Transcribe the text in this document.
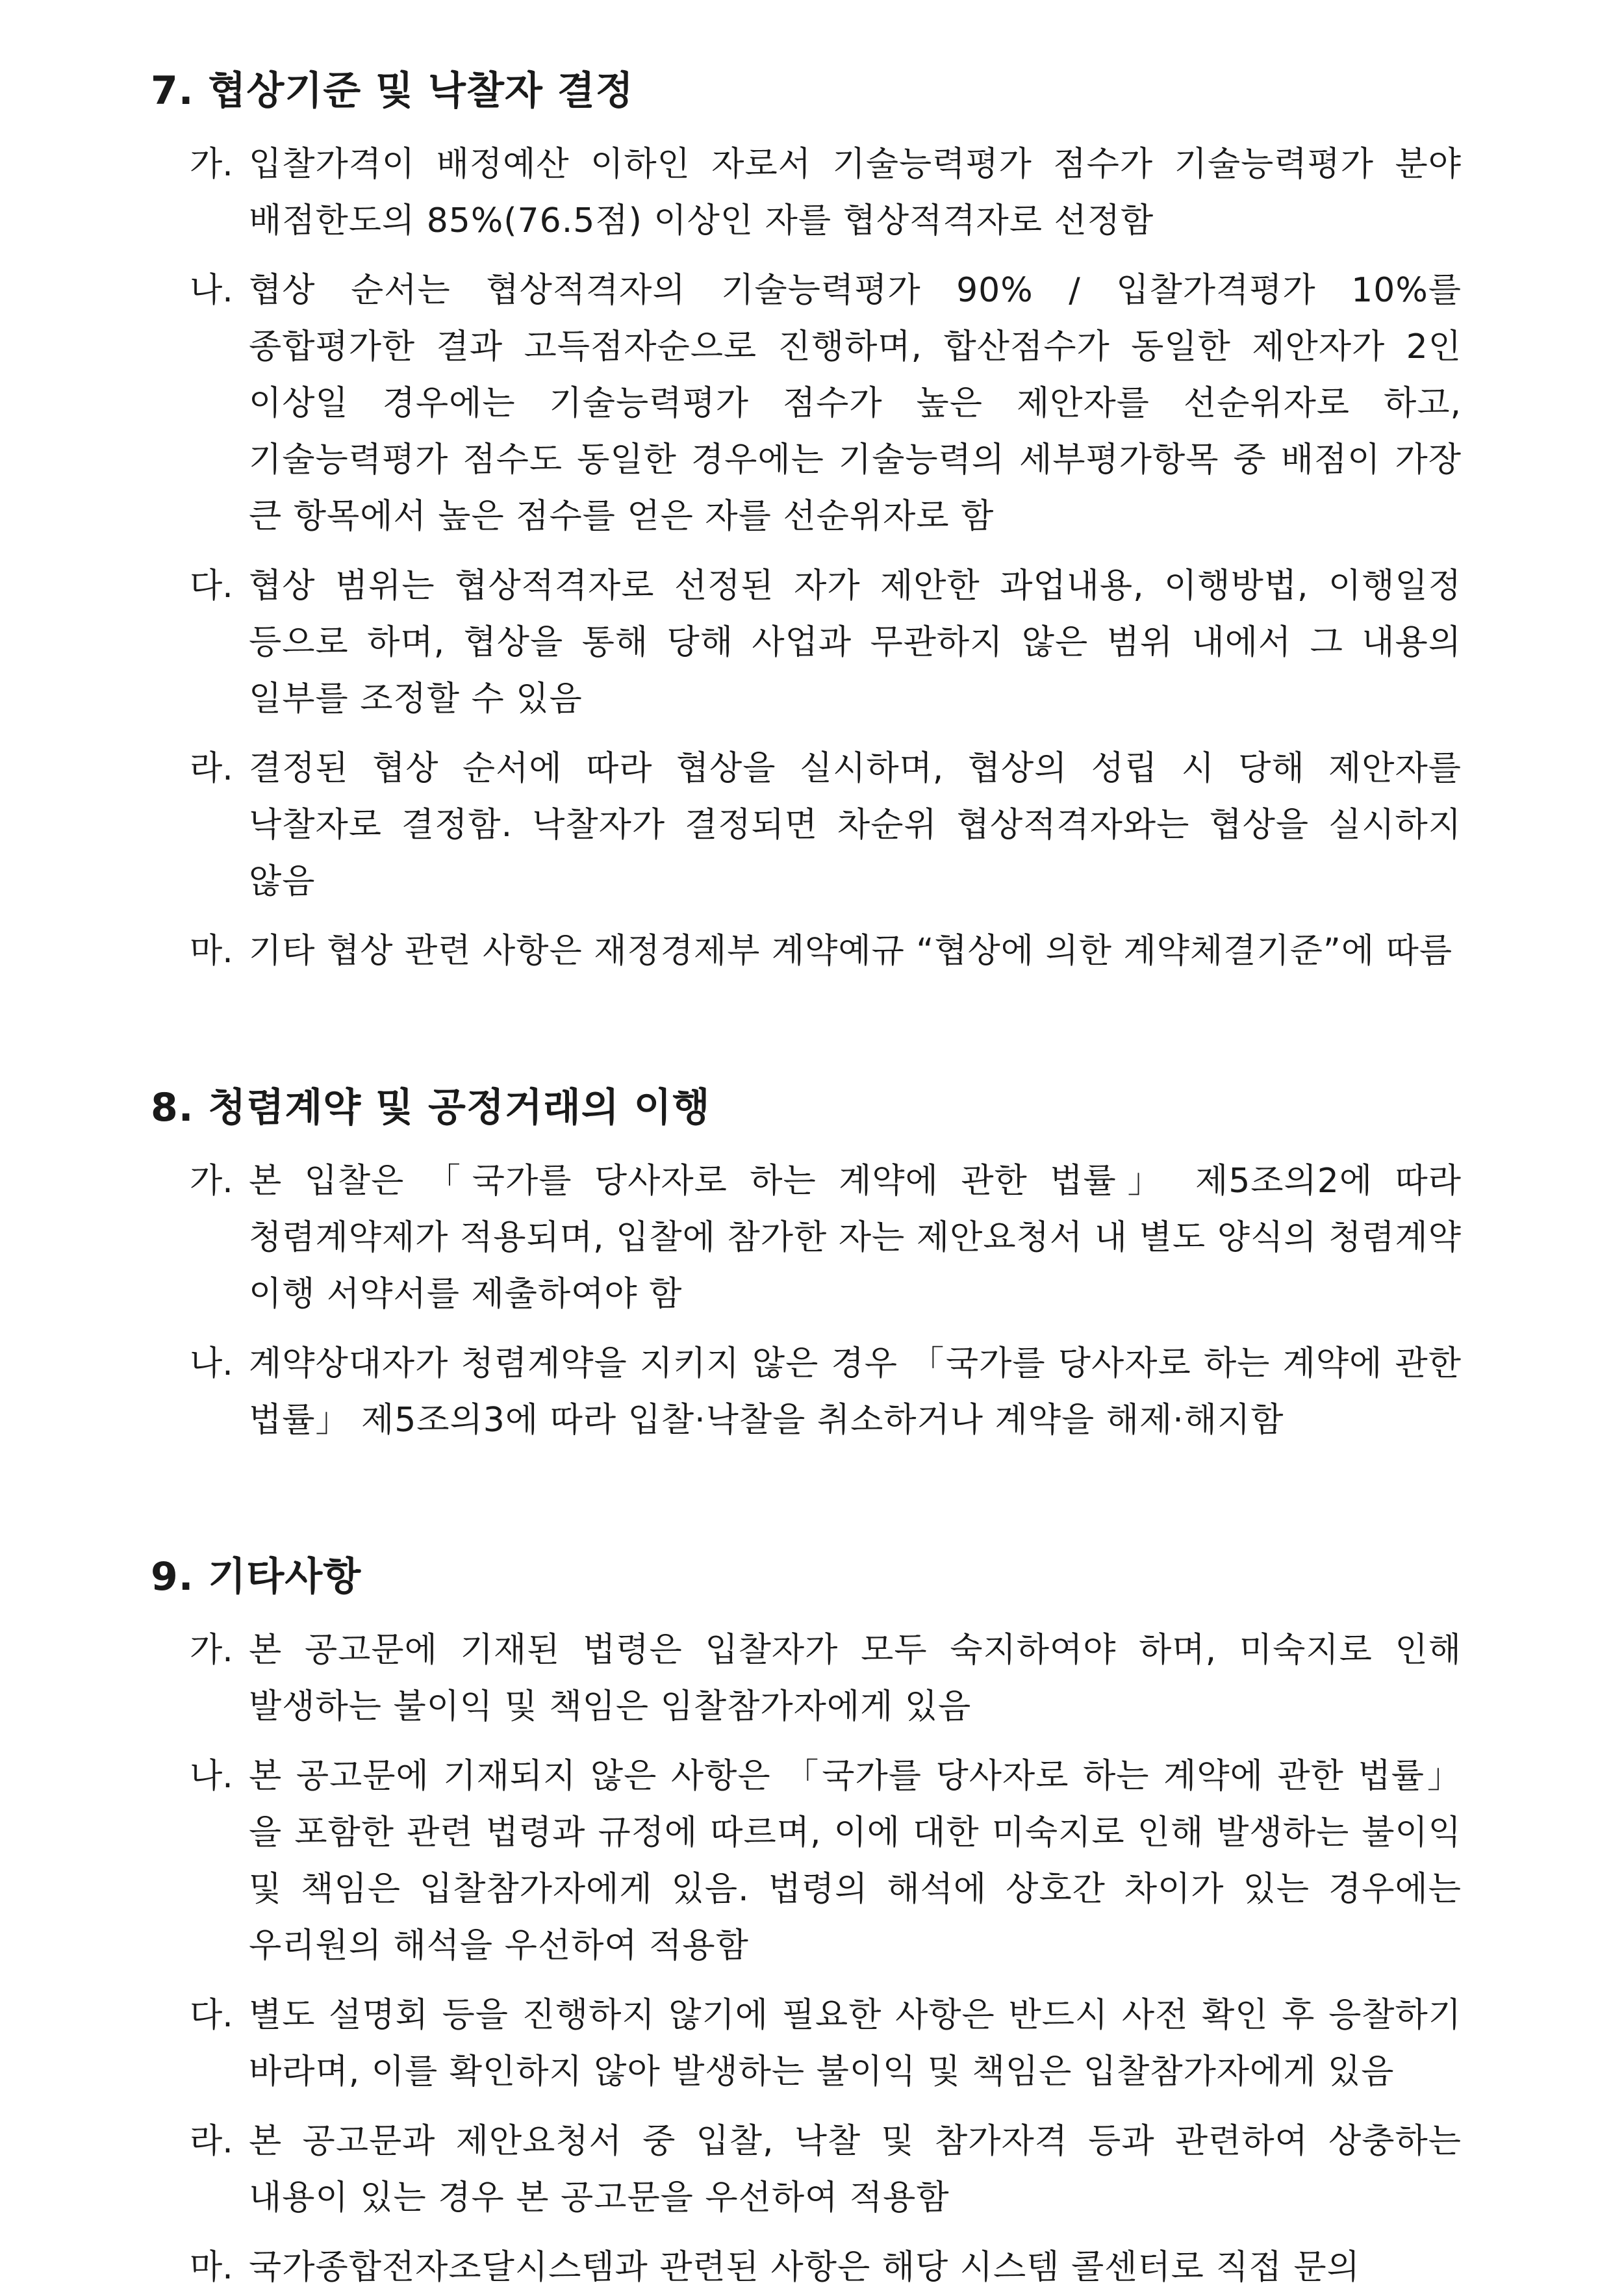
7. 협상기준 및 낙찰자 결정
가. 입찰가격이 배정예산 이하인 자로서 기술능력평가 점수가 기술능력평가 분야 배점한도의 85%(76.5점) 이상인 자를 협상적격자로 선정함
나. 협상 순서는 협상적격자의 기술능력평가 90% / 입찰가격평가 10%를 종합평가한 결과 고득점자순으로 진행하며, 합산점수가 동일한 제안자가 2인 이상일 경우에는 기술능력평가 점수가 높은 제안자를 선순위자로 하고, 기술능력평가 점수도 동일한 경우에는 기술능력의 세부평가항목 중 배점이 가장 큰 항목에서 높은 점수를 얻은 자를 선순위자로 함
다. 협상 범위는 협상적격자로 선정된 자가 제안한 과업내용, 이행방법, 이행일정 등으로 하며, 협상을 통해 당해 사업과 무관하지 않은 범위 내에서 그 내용의 일부를 조정할 수 있음
라. 결정된 협상 순서에 따라 협상을 실시하며, 협상의 성립 시 당해 제안자를 낙찰자로 결정함. 낙찰자가 결정되면 차순위 협상적격자와는 협상을 실시하지 않음
마. 기타 협상 관련 사항은 재정경제부 계약예규 “협상에 의한 계약체결기준”에 따름
8. 청렴계약 및 공정거래의 이행
가. 본 입찰은 「국가를 당사자로 하는 계약에 관한 법률」 제5조의2에 따라 청렴계약제가 적용되며, 입찰에 참가한 자는 제안요청서 내 별도 양식의 청렴계약 이행 서약서를 제출하여야 함
나. 계약상대자가 청렴계약을 지키지 않은 경우 「국가를 당사자로 하는 계약에 관한 법률」 제5조의3에 따라 입찰·낙찰을 취소하거나 계약을 해제·해지함
9. 기타사항
가. 본 공고문에 기재된 법령은 입찰자가 모두 숙지하여야 하며, 미숙지로 인해 발생하는 불이익 및 책임은 임찰참가자에게 있음
나. 본 공고문에 기재되지 않은 사항은 「국가를 당사자로 하는 계약에 관한 법률」을 포함한 관련 법령과 규정에 따르며, 이에 대한 미숙지로 인해 발생하는 불이익 및 책임은 입찰참가자에게 있음. 법령의 해석에 상호간 차이가 있는 경우에는 우리원의 해석을 우선하여 적용함
다. 별도 설명회 등을 진행하지 않기에 필요한 사항은 반드시 사전 확인 후 응찰하기 바라며, 이를 확인하지 않아 발생하는 불이익 및 책임은 입찰참가자에게 있음
라. 본 공고문과 제안요청서 중 입찰, 낙찰 및 참가자격 등과 관련하여 상충하는 내용이 있는 경우 본 공고문을 우선하여 적용함
마. 국가종합전자조달시스템과 관련된 사항은 해당 시스템 콜센터로 직접 문의
